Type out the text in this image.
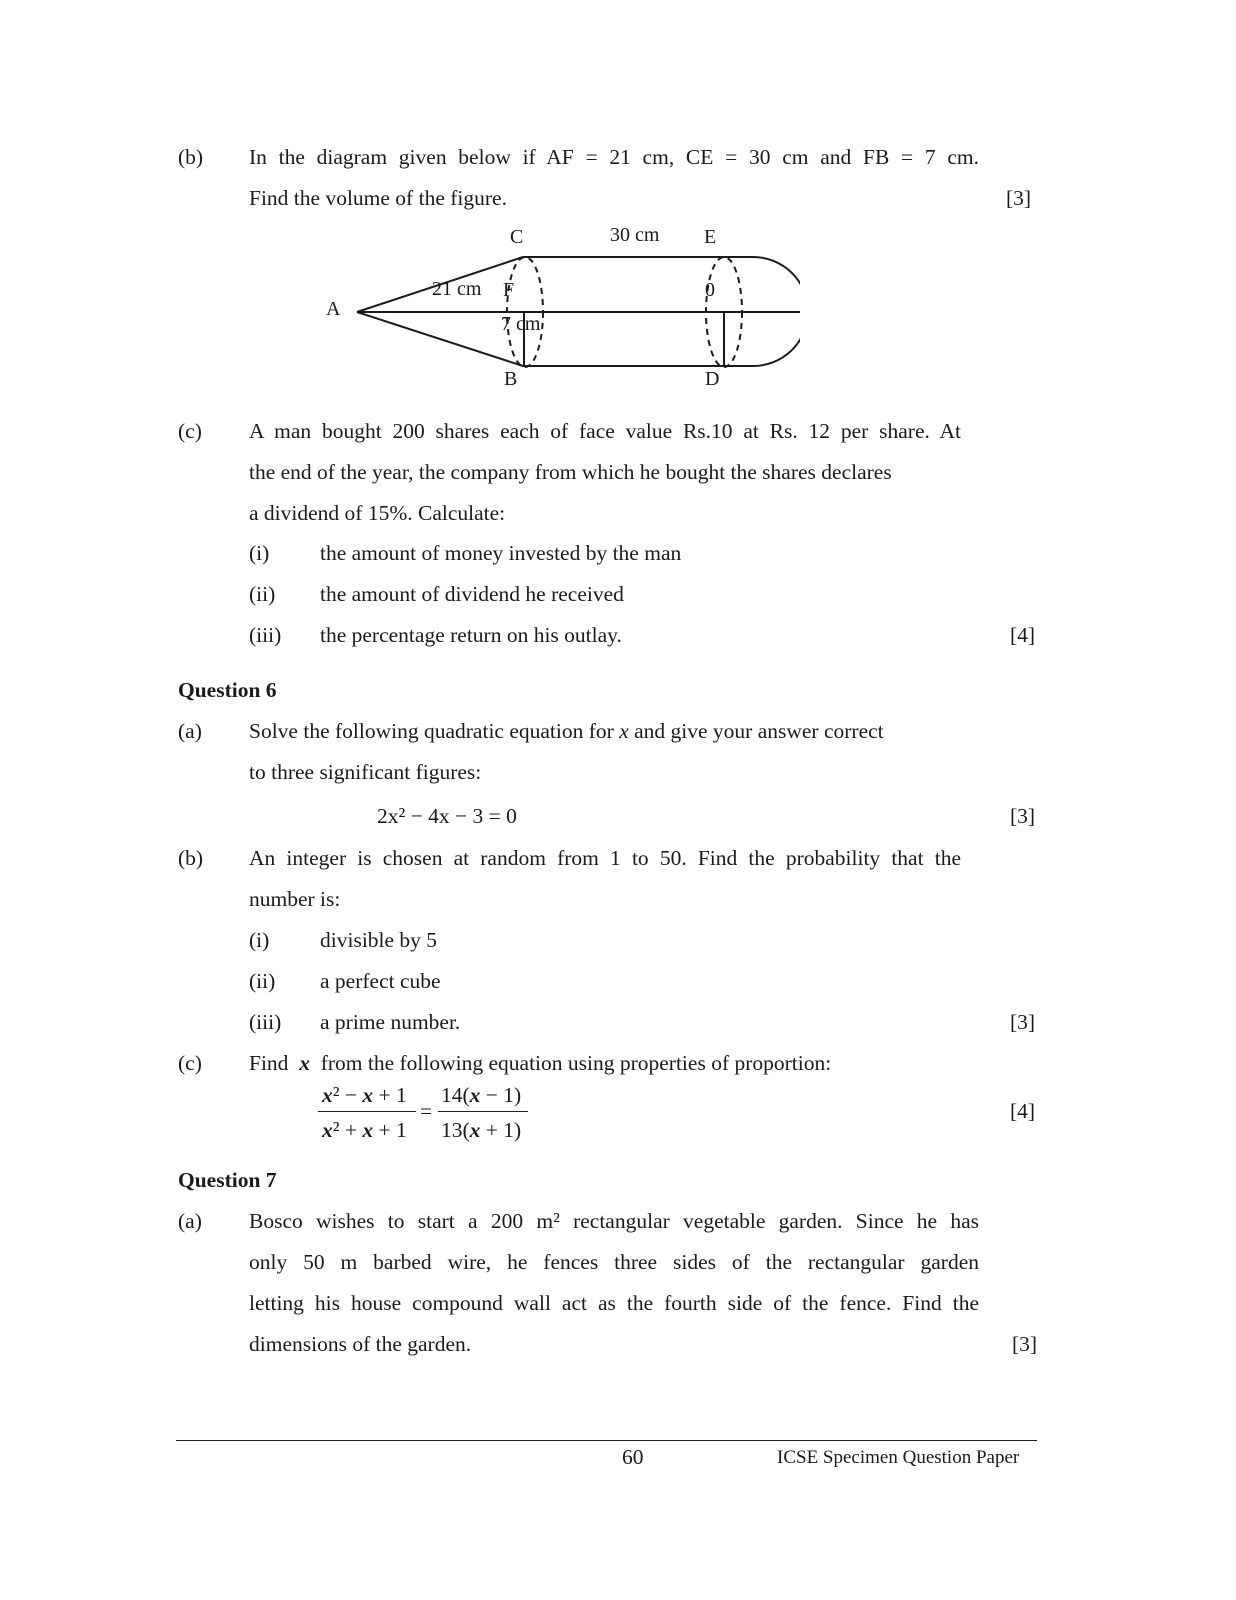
(b) In the diagram given below if AF = 21 cm, CE = 30 cm and FB = 7 cm.
Find the volume of the figure.	[3]
C	30 cm E
21 cm F	0
A
7 cm
B	D
(c) A man bought 200 shares each of face value Rs.10 at Rs. 12 per share. At
the end of the year, the company from which he bought the shares declares
a dividend of 15%. Calculate:
(i) the amount of money invested by the man
(ii) the amount of dividend he received
(iii) the percentage return on his outlay.	[4]
Question 6
(a) Solve the following quadratic equation for x and give your answer correct
to three significant figures:
2x² − 4x − 3 = 0	[3]
(b) An integer is chosen at random from 1 to 50. Find the probability that the
number is:
(i) divisible by 5
(ii) a perfect cube
(iii) a prime number.	[3]
(c) Find x from the following equation using properties of proportion:
x² − x + 1
x² + x + 1
=
14(x − 1)
13(x + 1)
[4]
Question 7
(a) Bosco wishes to start a 200 m² rectangular vegetable garden. Since he has
only 50 m barbed wire, he fences three sides of the rectangular garden
letting his house compound wall act as the fourth side of the fence. Find the
dimensions of the garden.	[3]
60	ICSE Specimen Question Paper
